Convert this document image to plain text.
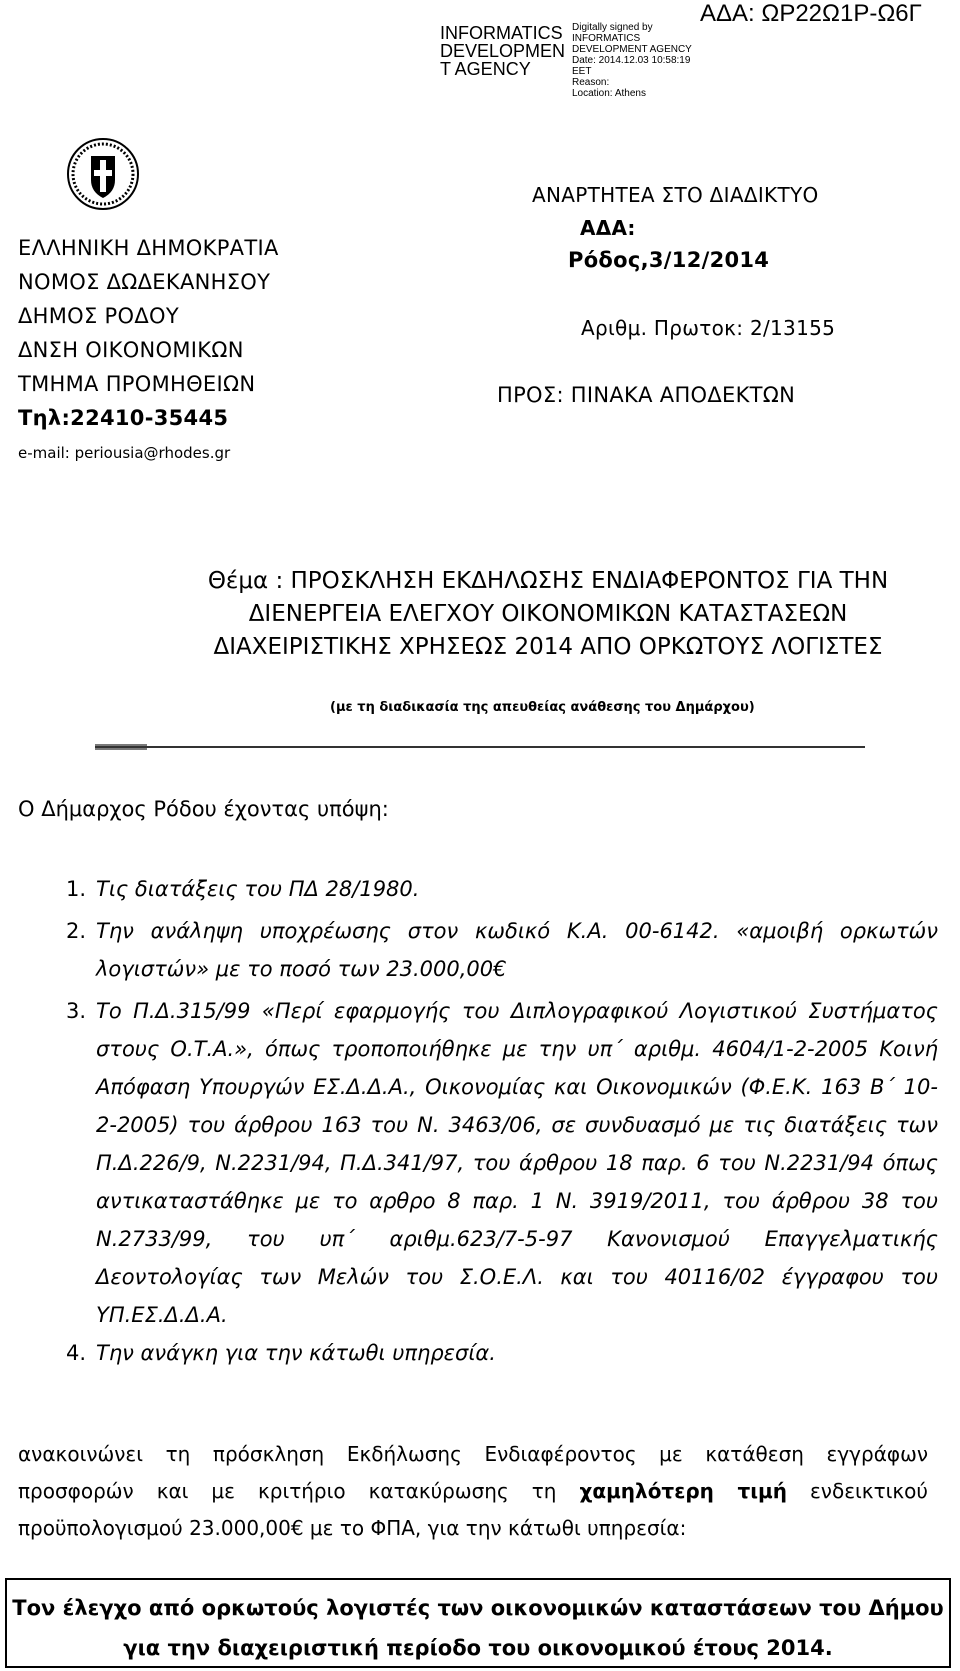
INFORMATICS
DEVELOPMEN
T AGENCY
Digitally signed by
INFORMATICS
DEVELOPMENT AGENCY
Date: 2014.12.03 10:58:19
EET
Reason:
Location: Athens
ΑΔΑ: ΩΡ22Ω1Ρ-Ω6Γ
ΕΛΛΗΝΙΚΗ ΔΗΜΟΚΡΑΤΙΑ
ΝΟΜΟΣ ΔΩΔΕΚΑΝΗΣΟΥ
ΔΗΜΟΣ ΡΟΔΟΥ
ΔΝΣΗ ΟΙΚΟΝΟΜΙΚΩΝ
ΤΜΗΜΑ ΠΡΟΜΗΘΕΙΩΝ
Τηλ:22410-35445
e-mail: periousia@rhodes.gr
ΑΝΑΡΤΗΤΕΑ ΣΤΟ ΔΙΑΔΙΚΤΥΟ
ΑΔΑ:
Ρόδος,3/12/2014
Αριθμ. Πρωτοκ: 2/13155
ΠΡΟΣ: ΠΙΝΑΚΑ ΑΠΟΔΕΚΤΩΝ
Θέμα : ΠΡΟΣΚΛΗΣΗ ΕΚΔΗΛΩΣΗΣ ΕΝΔΙΑΦΕΡΟΝΤΟΣ ΓΙΑ ΤΗΝ ΔΙΕΝΕΡΓΕΙΑ ΕΛΕΓΧΟΥ ΟΙΚΟΝΟΜΙΚΩΝ ΚΑΤΑΣΤΑΣΕΩΝ ΔΙΑΧΕΙΡΙΣΤΙΚΗΣ ΧΡΗΣΕΩΣ 2014 ΑΠΟ ΟΡΚΩΤΟΥΣ ΛΟΓΙΣΤΕΣ
(με τη διαδικασία της απευθείας ανάθεσης του Δημάρχου)
Ο Δήμαρχος Ρόδου έχοντας υπόψη:
1. Τις διατάξεις του ΠΔ 28/1980.
2. Την ανάληψη υποχρέωσης στον κωδικό Κ.Α. 00-6142. «αμοιβή ορκωτών λογιστών» με το ποσό των 23.000,00€
3. Το Π.Δ.315/99 «Περί εφαρμογής του Διπλογραφικού Λογιστικού Συστήματος στους Ο.Τ.Α.», όπως τροποποιήθηκε με την υπ΄ αριθμ. 4604/1-2-2005 Κοινή Απόφαση Υπουργών ΕΣ.Δ.Δ.Α., Οικονομίας και Οικονομικών (Φ.Ε.Κ. 163 Β΄ 10-2-2005) του άρθρου 163 του Ν. 3463/06, σε συνδυασμό με τις διατάξεις των Π.Δ.226/9, Ν.2231/94, Π.Δ.341/97, του άρθρου 18 παρ. 6 του Ν.2231/94 όπως αντικαταστάθηκε με το αρθρο 8 παρ. 1 Ν. 3919/2011, του άρθρου 38 του Ν.2733/99, του υπ΄ αριθμ.623/7-5-97 Κανονισμού Επαγγελματικής Δεοντολογίας των Μελών του Σ.Ο.Ε.Λ. και του 40116/02 έγγραφου του ΥΠ.ΕΣ.Δ.Δ.Α.
4. Την ανάγκη για την κάτωθι υπηρεσία.
ανακοινώνει τη πρόσκληση Εκδήλωσης Ενδιαφέροντος με κατάθεση εγγράφων προσφορών και με κριτήριο κατακύρωσης τη χαμηλότερη τιμή ενδεικτικού προϋπολογισμού 23.000,00€ με το ΦΠΑ, για την κάτωθι υπηρεσία:
Τον έλεγχο από ορκωτούς λογιστές των οικονομικών καταστάσεων του Δήμου για την διαχειριστική περίοδο του οικονομικού έτους 2014.
